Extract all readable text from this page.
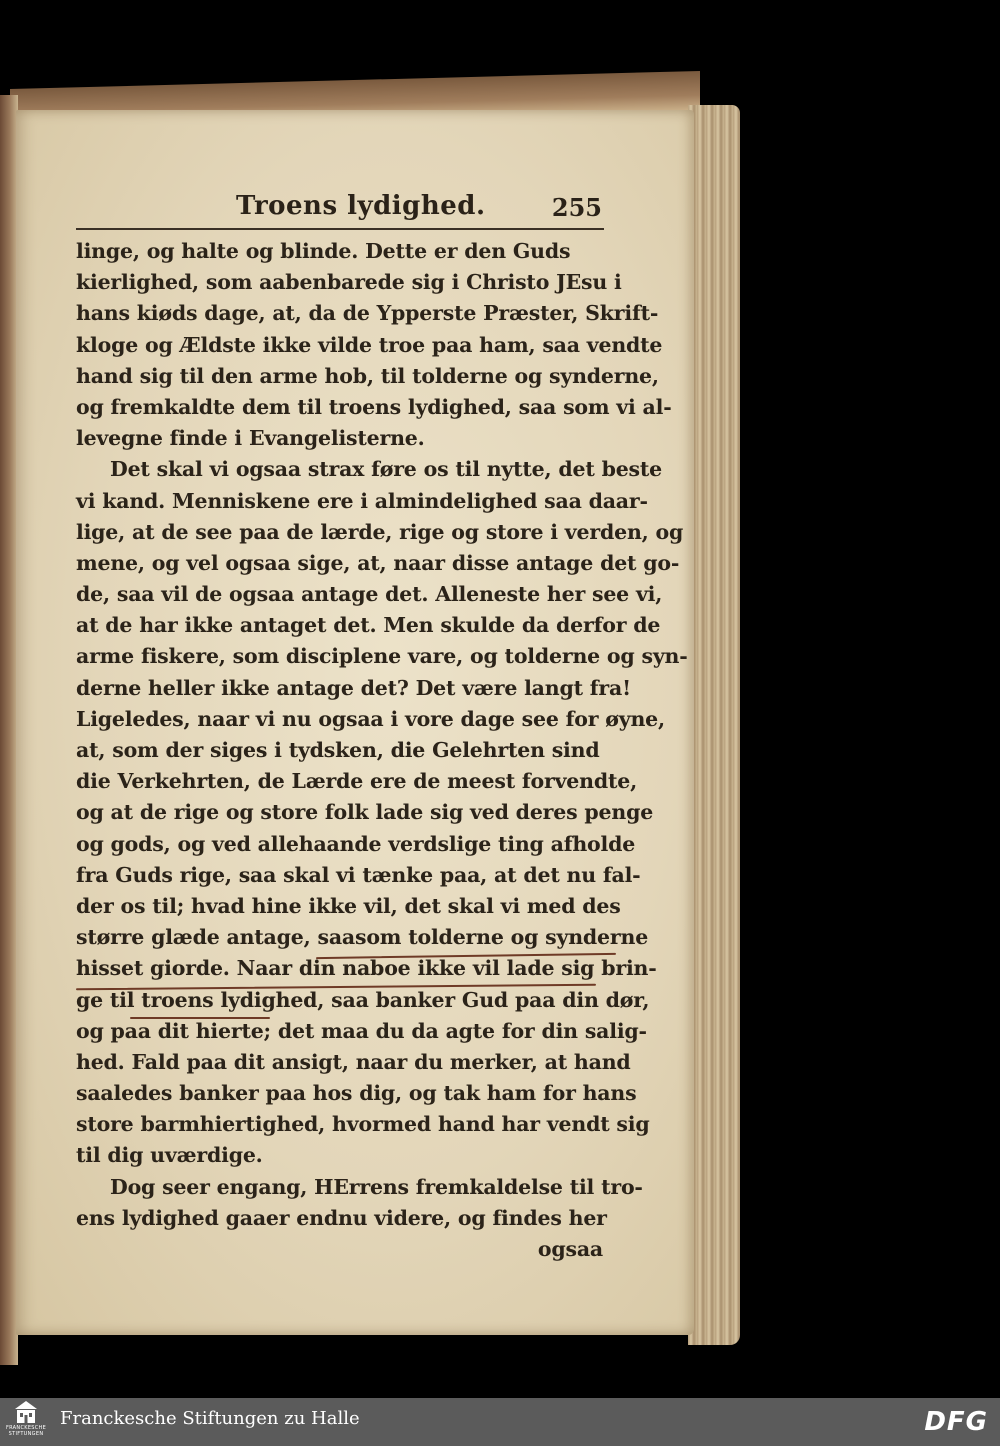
Troens lydighed.	255
linge, og halte og blinde. Dette er den Guds
kierlighed, som aabenbarede sig i Christo JEsu i
hans kiøds dage, at, da de Ypperste Præster, Skrift-
kloge og Ældste ikke vilde troe paa ham, saa vendte
hand sig til den arme hob, til tolderne og synderne,
og fremkaldte dem til troens lydighed, saa som vi al-
levegne finde i Evangelisterne.
Det skal vi ogsaa strax føre os til nytte, det beste
vi kand. Menniskene ere i almindelighed saa daar-
lige, at de see paa de lærde, rige og store i verden, og
mene, og vel ogsaa sige, at, naar disse antage det go-
de, saa vil de ogsaa antage det. Alleneste her see vi,
at de har ikke antaget det. Men skulde da derfor de
arme fiskere, som disciplene vare, og tolderne og syn-
derne heller ikke antage det? Det være langt fra!
Ligeledes, naar vi nu ogsaa i vore dage see for øyne,
at, som der siges i tydsken, die Gelehrten sind
die Verkehrten, de Lærde ere de meest forvendte,
og at de rige og store folk lade sig ved deres penge
og gods, og ved allehaande verdslige ting afholde
fra Guds rige, saa skal vi tænke paa, at det nu fal-
der os til; hvad hine ikke vil, det skal vi med des
større glæde antage, saasom tolderne og synderne
hisset giorde. Naar din naboe ikke vil lade sig brin-
ge til troens lydighed, saa banker Gud paa din dør,
og paa dit hierte; det maa du da agte for din salig-
hed. Fald paa dit ansigt, naar du merker, at hand
saaledes banker paa hos dig, og tak ham for hans
store barmhiertighed, hvormed hand har vendt sig
til dig uværdige.
Dog seer engang, HErrens fremkaldelse til tro-
ens lydighed gaaer endnu videre, og findes her
ogsaa
FRANCKESCHE
STIFTUNGEN
Franckesche Stiftungen zu Halle	DFG
